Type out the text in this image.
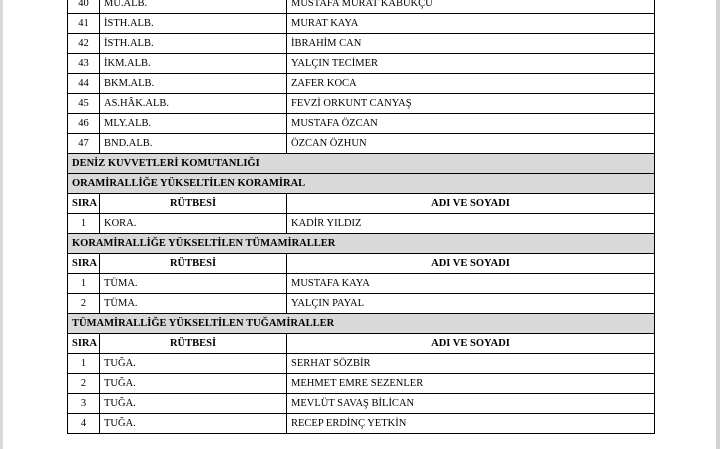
40	MU.ALB.	MUSTAFA MURAT KABUKÇU
41	İSTH.ALB.	MURAT KAYA
42	İSTH.ALB.	İBRAHİM CAN
43	İKM.ALB.	YALÇIN TECİMER
44	BKM.ALB.	ZAFER KOCA
45	AS.HÂK.ALB.	FEVZİ ORKUNT CANYAŞ
46	MLY.ALB.	MUSTAFA ÖZCAN
47	BND.ALB.	ÖZCAN ÖZHUN
DENİZ KUVVETLERİ KOMUTANLIĞI		
ORAMİRALLİĞE YÜKSELTİLEN KORAMİRAL		
SIRA	RÜTBESİ	ADI VE SOYADI
1	KORA.	KADİR YILDIZ
KORAMİRALLİĞE YÜKSELTİLEN TÜMAMİRALLER		
SIRA	RÜTBESİ	ADI VE SOYADI
1	TÜMA.	MUSTAFA KAYA
2	TÜMA.	YALÇIN PAYAL
TÜMAMİRALLİĞE YÜKSELTİLEN TUĞAMİRALLER		
SIRA	RÜTBESİ	ADI VE SOYADI
1	TUĞA.	SERHAT SÖZBİR
2	TUĞA.	MEHMET EMRE SEZENLER
3	TUĞA.	MEVLÜT SAVAŞ BİLİCAN
4	TUĞA.	RECEP ERDİNÇ YETKİN
